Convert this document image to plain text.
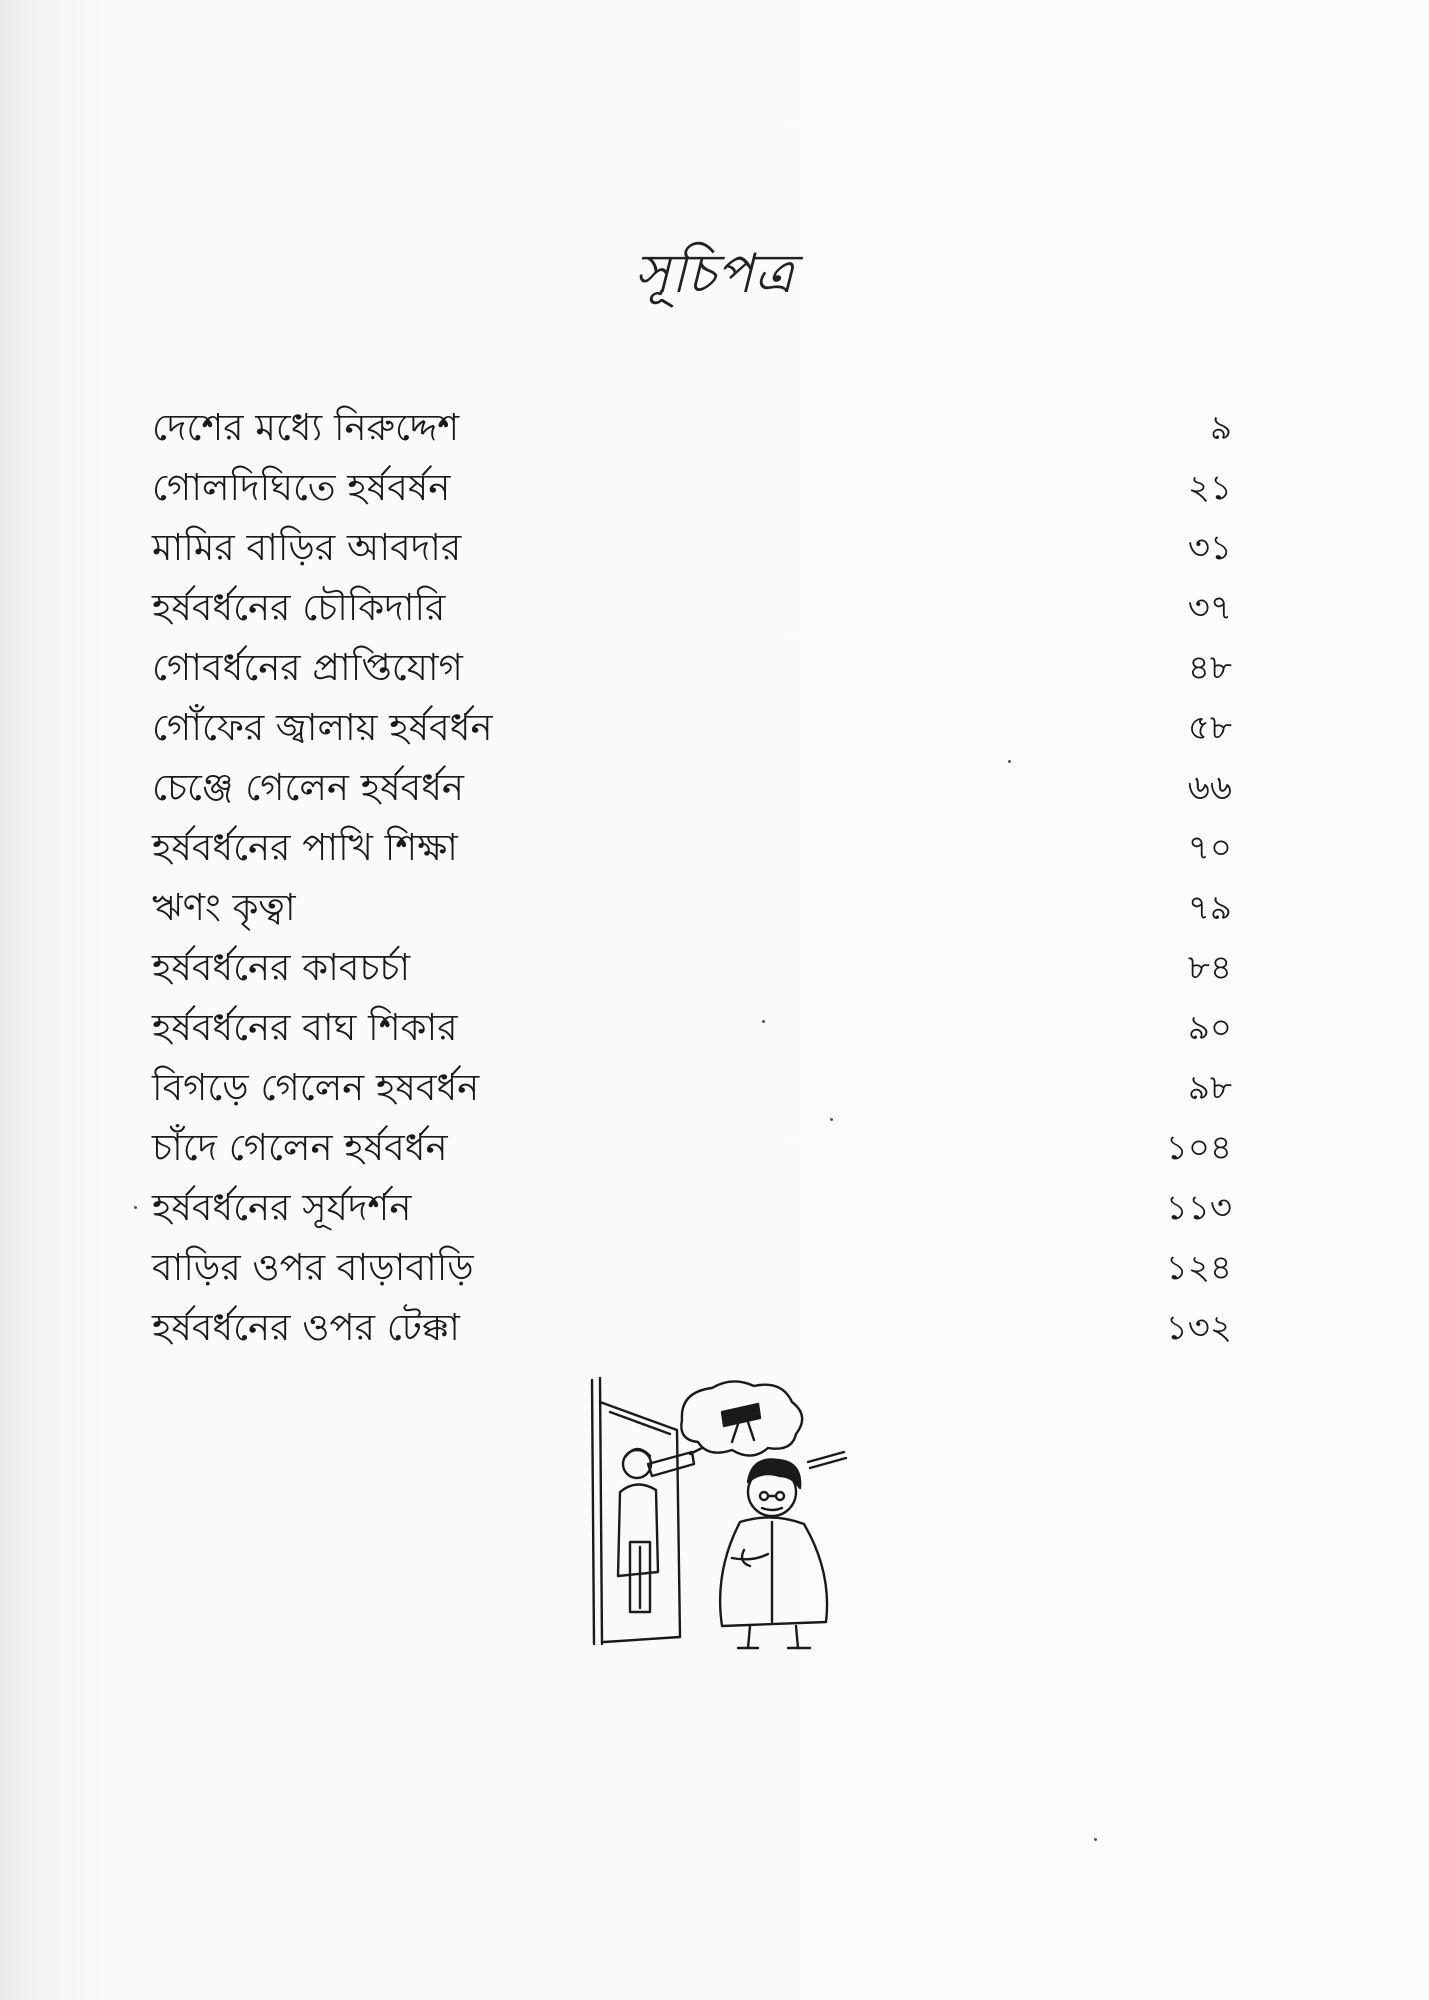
সূচিপত্র
দেশের মধ্যে নিরুদ্দেশ	৯
গোলদিঘিতে হর্ষবর্ষন	২১
মামির বাড়ির আবদার	৩১
হর্ষবর্ধনের চৌকিদারি	৩৭
গোবর্ধনের প্রাপ্তিযোগ	৪৮
গোঁফের জ্বালায় হর্ষবর্ধন	৫৮
চেঞ্জে গেলেন হর্ষবর্ধন	৬৬
হর্ষবর্ধনের পাখি শিক্ষা	৭০
ঋণং কৃত্বা	৭৯
হর্ষবর্ধনের কাবচর্চা	৮৪
হর্ষবর্ধনের বাঘ শিকার	৯০
বিগড়ে গেলেন হষবর্ধন	৯৮
চাঁদে গেলেন হর্ষবর্ধন	১০৪
হর্ষবর্ধনের সূর্যদর্শন	১১৩
বাড়ির ওপর বাড়াবাড়ি	১২৪
হর্ষবর্ধনের ওপর টেক্কা	১৩২
